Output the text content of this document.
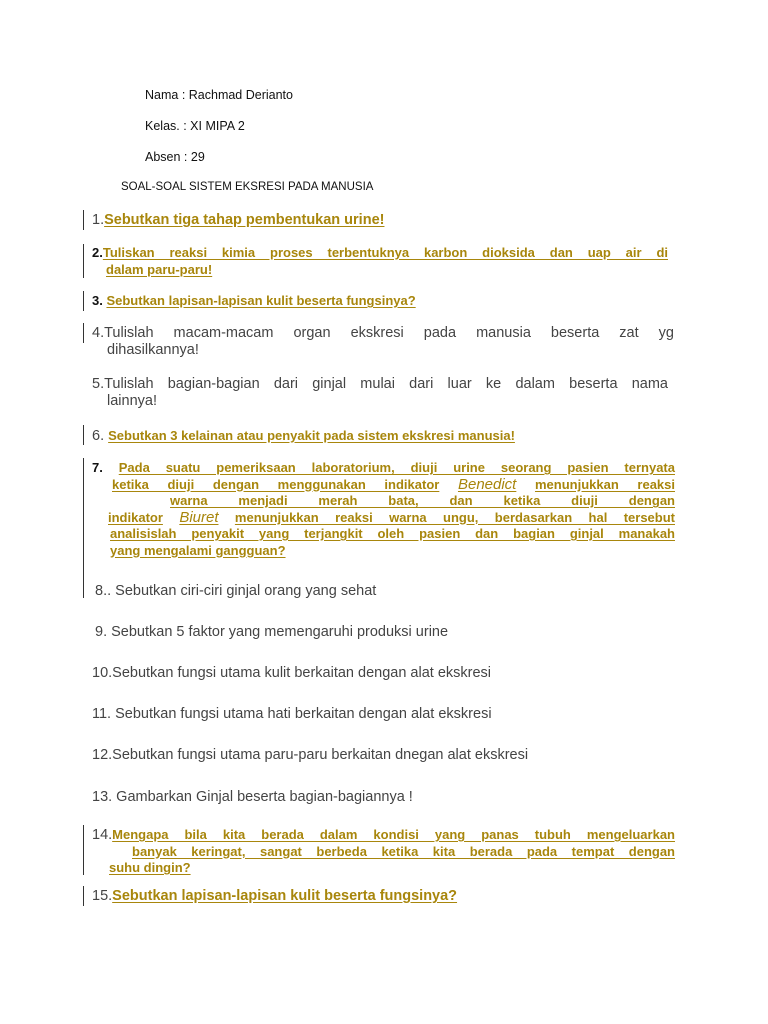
Nama : Rachmad Derianto
Kelas. : XI MIPA 2
Absen : 29
SOAL-SOAL SISTEM EKSRESI PADA MANUSIA
1.Sebutkan tiga tahap pembentukan urine!
2.Tuliskan reaksi kimia proses terbentuknya karbon dioksida dan uap air di
dalam paru-paru!
3. Sebutkan lapisan-lapisan kulit beserta fungsinya?
4.Tulislah macam-macam organ ekskresi pada manusia beserta zat yg
dihasilkannya!
5.Tulislah bagian-bagian dari ginjal mulai dari luar ke dalam beserta nama
lainnya!
6. Sebutkan 3 kelainan atau penyakit pada sistem ekskresi manusia!
7. Pada suatu pemeriksaan laboratorium, diuji urine seorang pasien ternyata
ketika diuji dengan menggunakan indikator Benedict menunjukkan reaksi
warna menjadi merah bata, dan ketika diuji dengan
indikator Biuret menunjukkan reaksi warna ungu, berdasarkan hal tersebut
analisislah penyakit yang terjangkit oleh pasien dan bagian ginjal manakah
yang mengalami gangguan?
8.. Sebutkan ciri-ciri ginjal orang yang sehat
9. Sebutkan 5 faktor yang memengaruhi produksi urine
10.Sebutkan fungsi utama kulit berkaitan dengan alat ekskresi
11. Sebutkan fungsi utama hati berkaitan dengan alat ekskresi
12.Sebutkan fungsi utama paru-paru berkaitan dnegan alat ekskresi
13. Gambarkan Ginjal beserta bagian-bagiannya !
14.Mengapa bila kita berada dalam kondisi yang panas tubuh mengeluarkan
banyak keringat, sangat berbeda ketika kita berada pada tempat dengan
suhu dingin?
15.Sebutkan lapisan-lapisan kulit beserta fungsinya?
